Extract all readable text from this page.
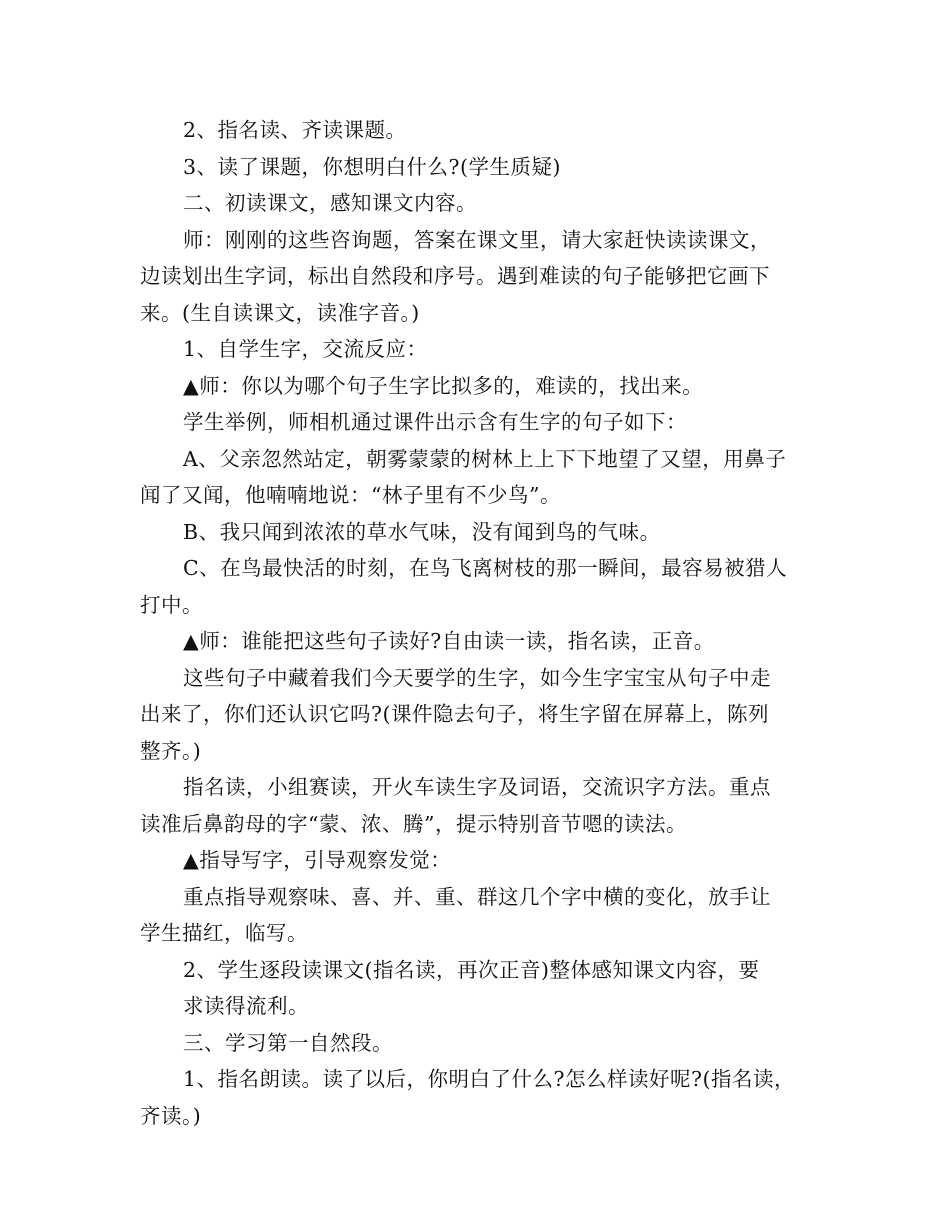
2、指名读、齐读课题。
3、读了课题，你想明白什么?(学生质疑)
二、初读课文，感知课文内容。
师：刚刚的这些咨询题，答案在课文里，请大家赶快读读课文，
边读划出生字词，标出自然段和序号。遇到难读的句子能够把它画下
来。(生自读课文，读准字音。)
1、自学生字，交流反应：
▲师：你以为哪个句子生字比拟多的，难读的，找出来。
学生举例，师相机通过课件出示含有生字的句子如下：
A、父亲忽然站定，朝雾蒙蒙的树林上上下下地望了又望，用鼻子
闻了又闻，他喃喃地说：“林子里有不少鸟”。
B、我只闻到浓浓的草水气味，没有闻到鸟的气味。
C、在鸟最快活的时刻，在鸟飞离树枝的那一瞬间，最容易被猎人
打中。
▲师：谁能把这些句子读好?自由读一读，指名读，正音。
这些句子中藏着我们今天要学的生字，如今生字宝宝从句子中走
出来了，你们还认识它吗?(课件隐去句子，将生字留在屏幕上，陈列
整齐。)
指名读，小组赛读，开火车读生字及词语，交流识字方法。重点
读准后鼻韵母的字“蒙、浓、腾”，提示特别音节嗯的读法。
▲指导写字，引导观察发觉：
重点指导观察味、喜、并、重、群这几个字中横的变化，放手让
学生描红，临写。
2、学生逐段读课文(指名读，再次正音)整体感知课文内容，要
求读得流利。
三、学习第一自然段。
1、指名朗读。读了以后，你明白了什么?怎么样读好呢?(指名读，
齐读。)
